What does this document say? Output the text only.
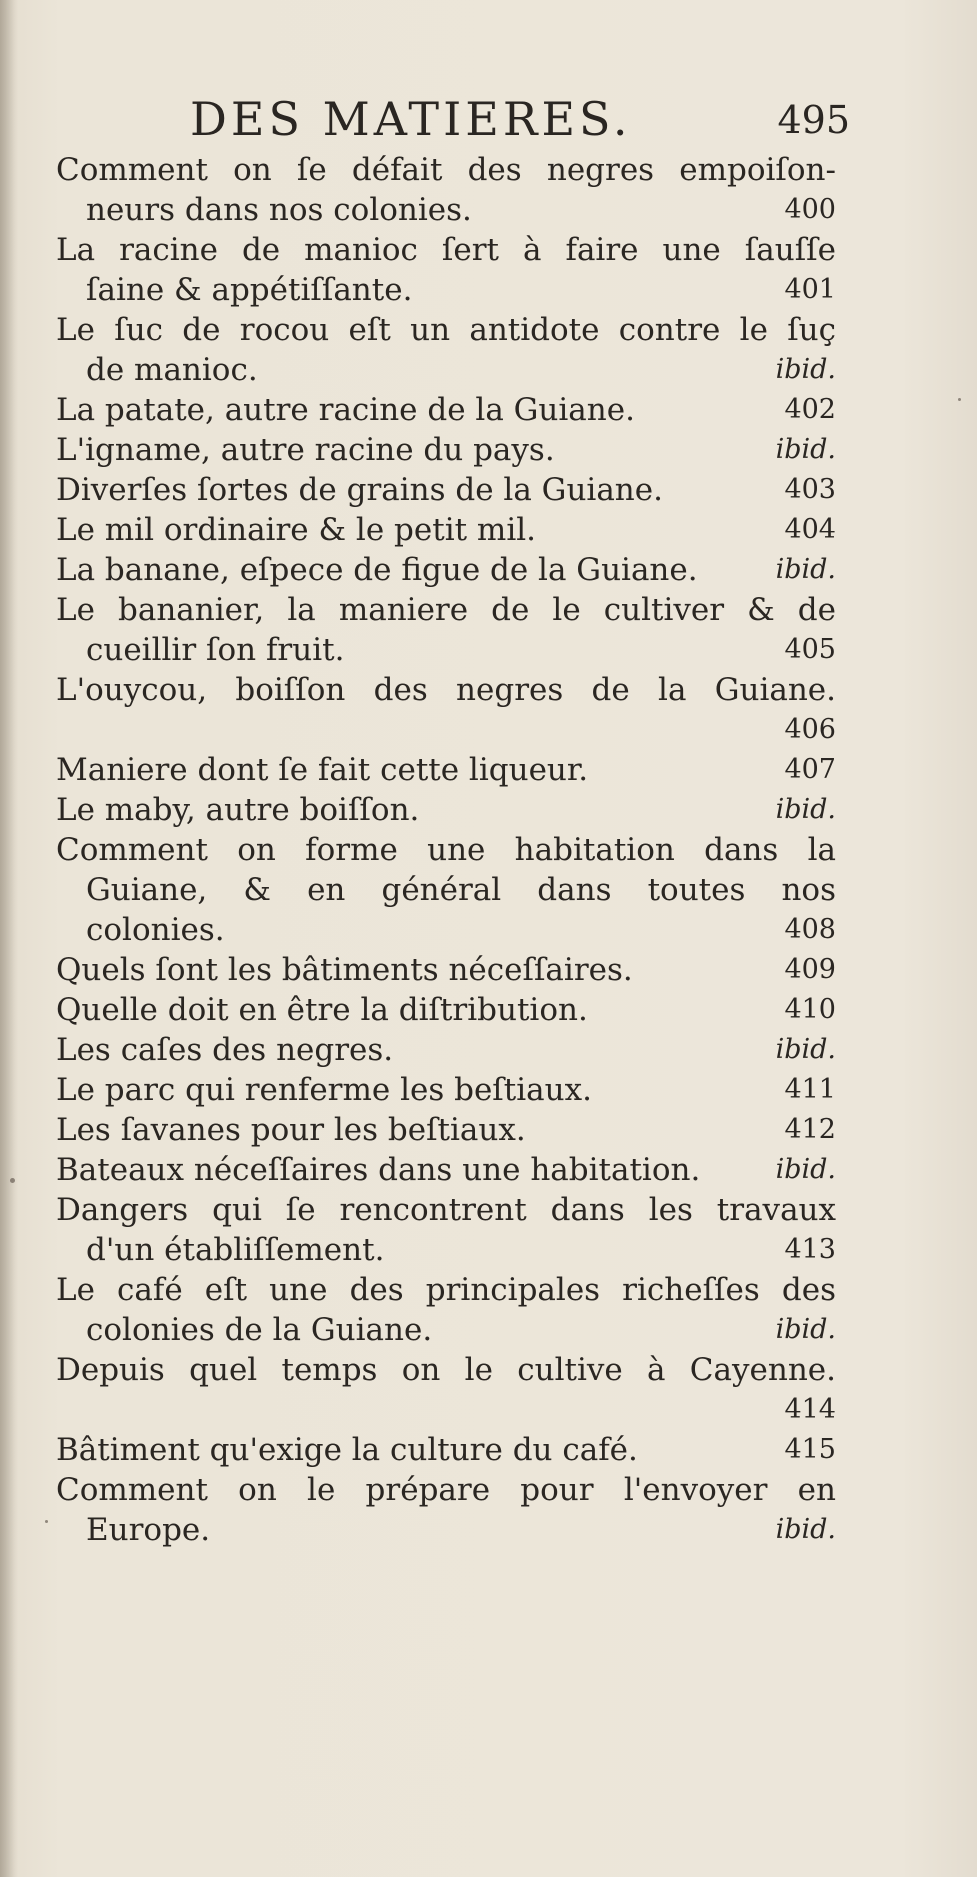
DES MATIERES.	495
Comment on ſe défait des negres empoiſon-
neurs dans nos colonies.	400
La racine de manioc ſert à faire une ſauſſe
ſaine & appétiſſante.	401
Le ſuc de rocou eſt un antidote contre le ſuç
de manioc.	ibid.
La patate, autre racine de la Guiane.	402
L'igname, autre racine du pays.	ibid.
Diverſes ſortes de grains de la Guiane.	403
Le mil ordinaire & le petit mil.	404
La banane, eſpece de figue de la Guiane.	ibid.
Le bananier, la maniere de le cultiver & de
cueillir ſon fruit.	405
L'ouycou, boiſſon des negres de la Guiane.
406
Maniere dont ſe fait cette liqueur.	407
Le maby, autre boiſſon.	ibid.
Comment on forme une habitation dans la
Guiane, & en général dans toutes nos
colonies.	408
Quels ſont les bâtiments néceſſaires.	409
Quelle doit en être la diſtribution.	410
Les caſes des negres.	ibid.
Le parc qui renferme les beſtiaux.	411
Les ſavanes pour les beſtiaux.	412
Bateaux néceſſaires dans une habitation.	ibid.
Dangers qui ſe rencontrent dans les travaux
d'un établiſſement.	413
Le café eſt une des principales richeſſes des
colonies de la Guiane.	ibid.
Depuis quel temps on le cultive à Cayenne.
414
Bâtiment qu'exige la culture du café.	415
Comment on le prépare pour l'envoyer en
Europe.	ibid.
